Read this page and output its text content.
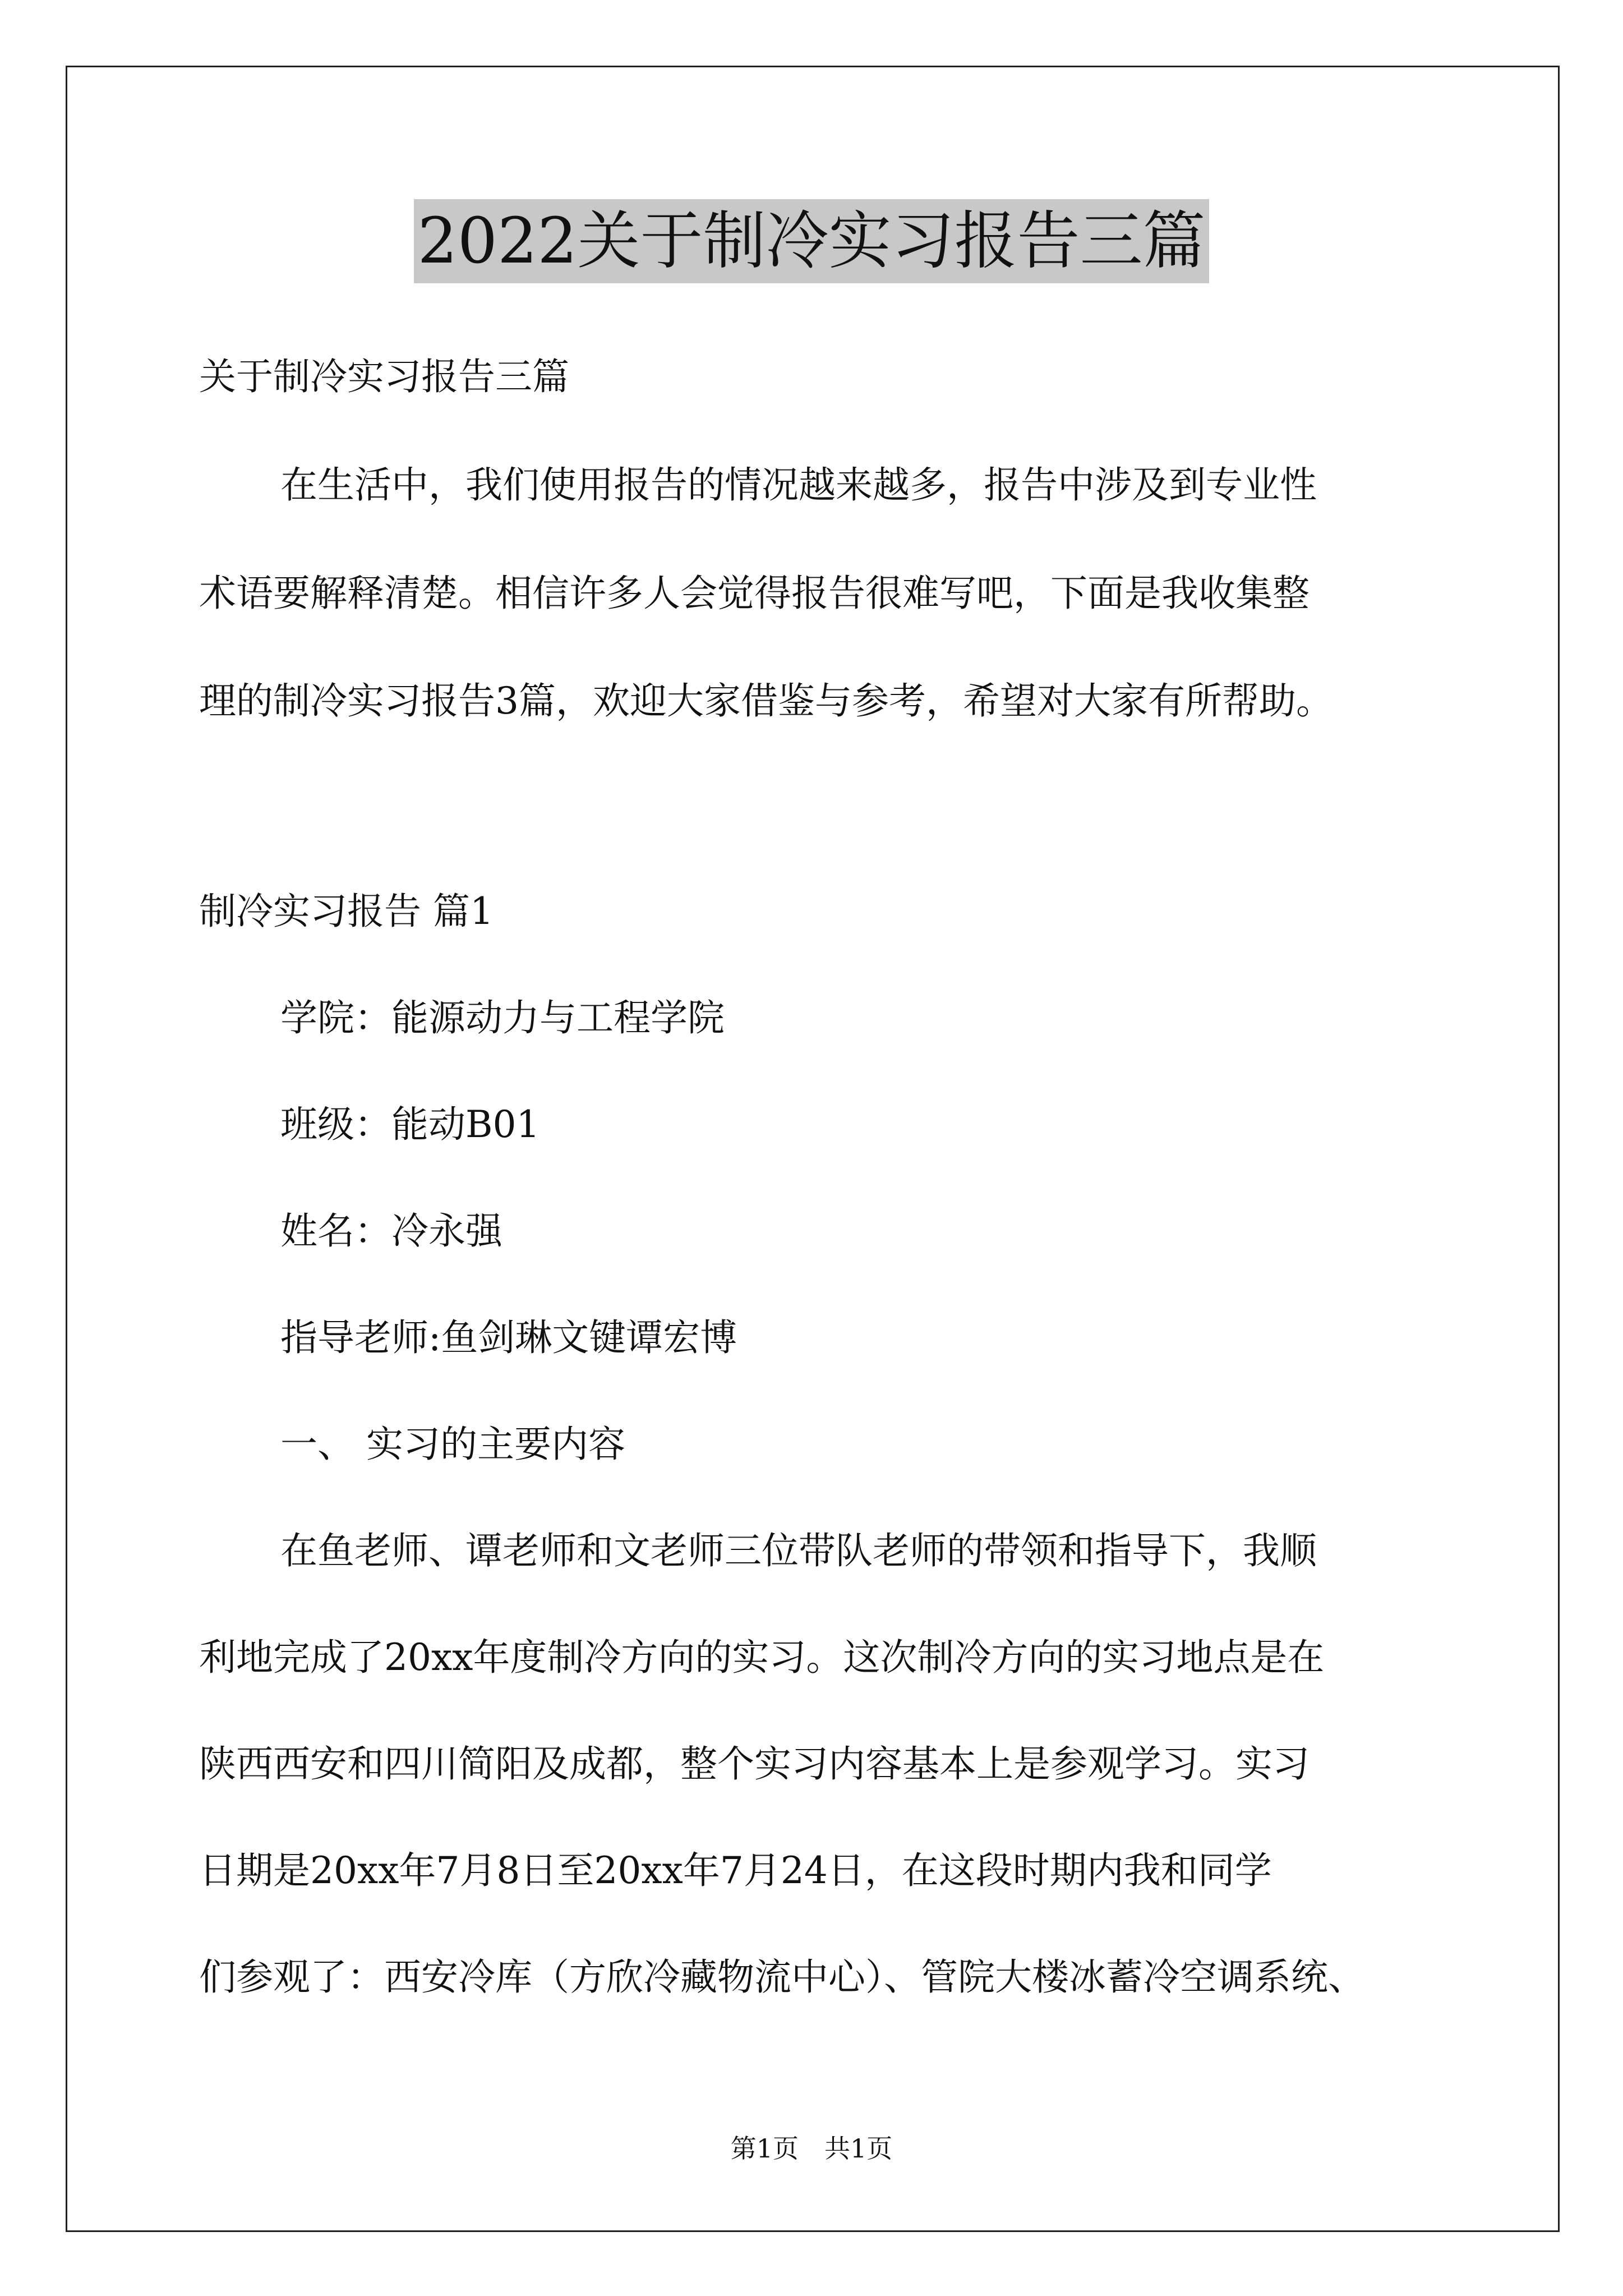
2022关于制冷实习报告三篇
关于制冷实习报告三篇
在生活中，我们使用报告的情况越来越多，报告中涉及到专业性
术语要解释清楚。相信许多人会觉得报告很难写吧，下面是我收集整
理的制冷实习报告3篇，欢迎大家借鉴与参考，希望对大家有所帮助。
制冷实习报告 篇1
学院：能源动力与工程学院
班级：能动B01
姓名：冷永强
指导老师:鱼剑琳文键谭宏博
一、 实习的主要内容
在鱼老师、谭老师和文老师三位带队老师的带领和指导下，我顺
利地完成了20xx年度制冷方向的实习。这次制冷方向的实习地点是在
陕西西安和四川简阳及成都，整个实习内容基本上是参观学习。实习
日期是20xx年7月8日至20xx年7月24日，在这段时期内我和同学
们参观了：西安冷库（方欣冷藏物流中心）、管院大楼冰蓄冷空调系统、
第1页　共1页
